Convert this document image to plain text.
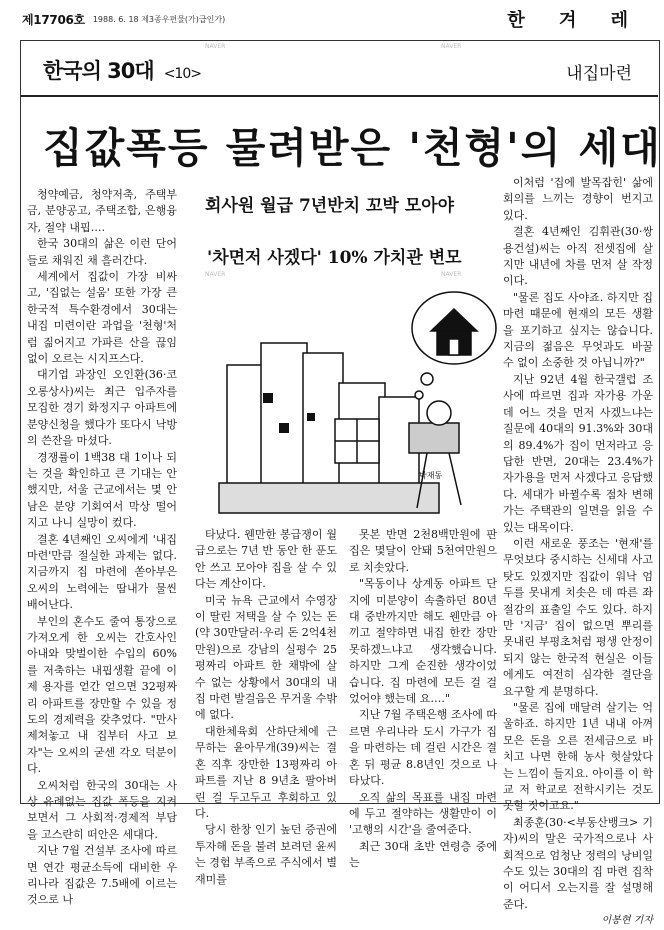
제17706호 1988. 6. 18 제3종우편물(가)급인가)	한 겨 레
NAVER	NAVER
NAVER	NAVER
한국의 30대 <10>	내집마련
집값폭등 물려받은 '천형'의 세대

청약예금, 청약저축, 주택부금, 분양공고, 주택조합, 은행융자, 절약 내핍….

한국 30대의 삶은 이런 단어들로 채워진 채 흘러간다.

세계에서 집값이 가장 비싸고, '집없는 설움' 또한 가장 큰 한국적 특수환경에서 30대는 내집 미련이란 과업을 '천형'처럼 짊어지고 가파른 산을 끊임없이 오르는 시지프스다.

대기업 과장인 오인환(36·코오롱상사)씨는 최근 입주자를 모집한 경기 화정지구 아파트에 분양신청을 했다가 또다시 낙방의 쓴잔을 마셨다.

경쟁률이 1백38 대 1이나 되는 것을 확인하고 큰 기대는 안 했지만, 서울 근교에서는 몇 안 남은 분양 기회여서 막상 떨어지고 나니 실망이 컸다.

결혼 4년째인 오씨에게 '내집 마련'만큼 절실한 과제는 없다. 지금까지 집 마련에 쏟아부은 오씨의 노력에는 땀내가 물씬 배어난다.

부인의 혼수도 줄여 통장으로 가져오게 한 오씨는 간호사인 아내와 맞벌이한 수입의 60%를 저축하는 내핍생활 끝에 이제 용자를 얻간 얻으면 32평짜리 아파트를 장만할 수 있을 정도의 경제력을 갖추었다. "만사 제쳐놓고 내 집부터 사고 보자"는 오씨의 굳센 각오 덕분이다.

오씨처럼 한국의 30대는 사상 유례없는 집값 폭등을 지켜보면서 그 사회적·경제적 부담을 고스란히 떠안은 세대다.

지난 7월 건설부 조사에 따르면 연간 평균소득에 대비한 우리나라 집값은 7.5배에 이르는 것으로 나

회사원 월급 7년반치 꼬박 모아야
'차면저 사겠다' 10% 가치관 변모
박재동

타났다. 웬만한 봉급쟁이 월급으로는 7년 반 동안 한 푼도 안 쓰고 모아야 집을 살 수 있다는 계산이다.

미국 뉴욕 근교에서 수영장이 딸린 저택을 살 수 있는 돈(약 30만달러·우리 돈 2억4천만원)으로 강남의 실평수 25평짜리 아파트 한 채밖에 살 수 없는 상황에서 30대의 내집 마련 발걸음은 무거울 수밖에 없다.

대한체육회 산하단체에 근무하는 윤아무개(39)씨는 결혼 직후 장만한 13평짜리 아파트를 지난 8 9년초 팔아버린 걸 두고두고 후회하고 있다.

당시 한창 인기 높던 증권에 투자해 돈을 불려 보려던 윤씨는 경험 부족으로 주식에서 별 재미를

못본 반면 2천8백만원에 판 집은 몇달이 안돼 5천여만원으로 치솟았다.

"목동이나 상계동 아파트 단지에 미분양이 속출하던 80년대 중반까지만 해도 웬만큼 아끼고 절약하면 내집 한칸 장만 못하겠느냐고 생각했습니다. 하지만 그게 순진한 생각이었습니다. 집 마련에 모든 걸 걸었어야 했는데 요…."

지난 7월 주택은행 조사에 따르면 우리나라 도시 가구가 집을 마련하는 데 걸린 시간은 결혼 뒤 평균 8.8년인 것으로 나타났다.

오직 삶의 목표를 내집 마련에 두고 절약하는 생활만이 이 '고행의 시간'을 줄여준다.

최근 30대 초반 연령층 중에는

이처럼 '집에 발목잡힌' 삶에 회의를 느끼는 경향이 번지고 있다.

결혼 4년째인 김휘관(30·쌍용건설)씨는 아직 전셋집에 살지만 내년에 차를 먼저 살 작정이다.

"물론 집도 사야죠. 하지만 집 마련 때문에 현재의 모든 생활을 포기하고 싶지는 않습니다. 지금의 젊음은 무엇과도 바꿀 수 없이 소중한 것 아닙니까?"

지난 92년 4월 한국갤럽 조사에 따르면 집과 자가용 가운데 어느 것을 먼저 사겠느냐는 질문에 40대의 91.3%와 30대의 89.4%가 집이 먼저라고 응답한 반면, 20대는 23.4%가 자가용을 먼저 사겠다고 응답했다. 세대가 바뀔수록 점차 변해가는 주택관의 일면을 읽을 수 있는 대목이다.

이런 새로운 풍조는 '현재'를 무엇보다 중시하는 신세대 사고 탓도 있겠지만 집값이 워낙 엄두를 못내게 치솟은 데 따른 좌절감의 표출일 수도 있다. 하지만 '지금' 집이 없으면 뿌리를 못내린 부평초처럼 평생 안정이 되지 않는 한국적 현실은 이들에게도 여전히 심각한 결단을 요구할 게 분명하다.

"물론 집에 매달려 살기는 억울하죠. 하지만 1년 내내 아껴 모은 돈을 오른 전세금으로 바치고 나면 한해 농사 헛살았다는 느낌이 들지요. 아이를 이 학교 저 학교로 전학시키는 것도 못할 짓이고요."

최종훈(30·<부동산뱅크> 기자)씨의 말은 국가적으로나 사회적으로 엄청난 정력의 낭비일 수도 있는 30대의 집 마련 집착이 어디서 오는지를 잘 설명해준다.

이봉현 기자
